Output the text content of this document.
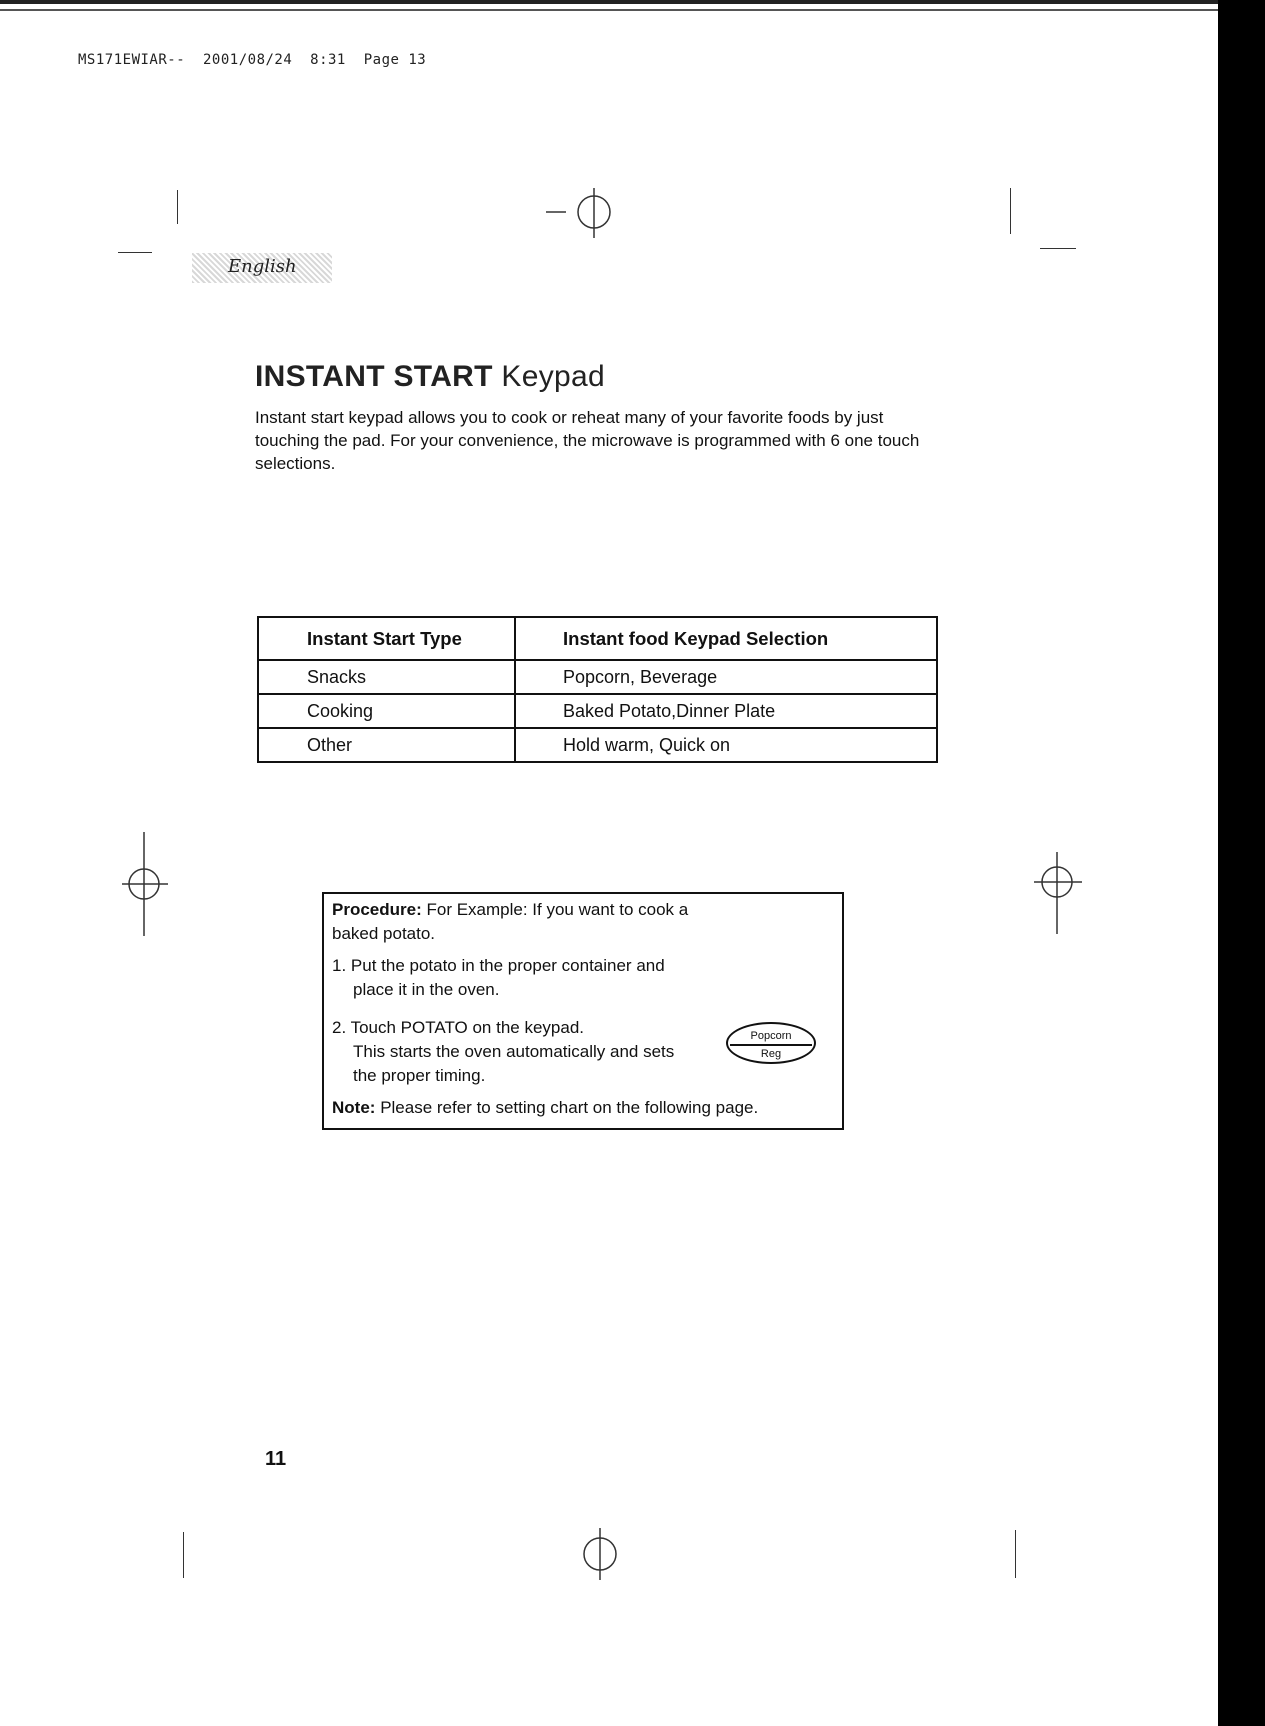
MS171EWIAR--  2001/08/24  8:31  Page 13
English
INSTANT START Keypad
Instant start keypad allows you to cook or reheat many of your favorite foods by just touching the pad. For your convenience, the microwave is programmed with 6 one touch selections.
Instant Start Type	Instant food Keypad Selection
Snacks	Popcorn, Beverage
Cooking	Baked Potato,Dinner Plate
Other	Hold warm, Quick on

Procedure: For Example: If you want to cook a baked potato.

1. Put the potato in the proper container and
place it in the oven.
2. Touch POTATO on the keypad.
This starts the oven automatically and sets
the proper timing.
Note: Please refer to setting chart on the following page.
Popcorn
Reg
11
